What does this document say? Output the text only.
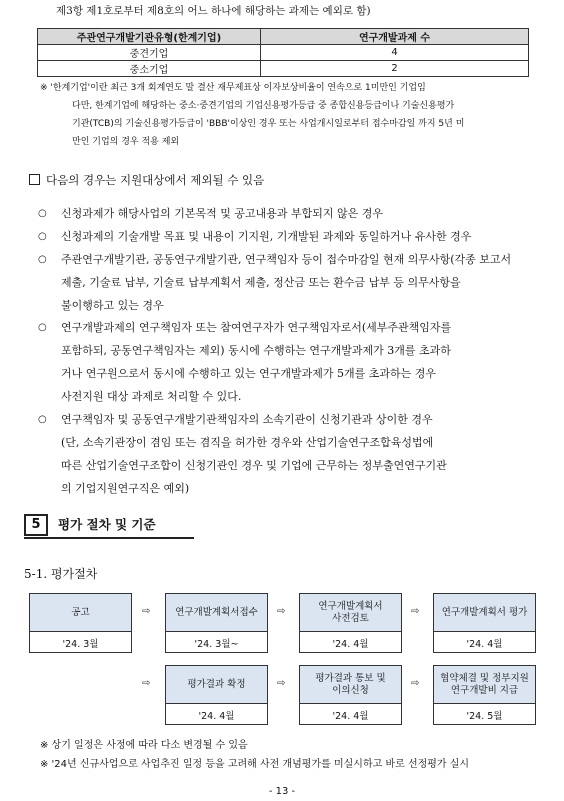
제3항 제1호로부터 제8호의 어느 하나에 해당하는 과제는 예외로 함)
주관연구개발기관유형(한계기업)	연구개발과제 수
중견기업	4
중소기업	2
※ '한계기업'이란 최근 3개 회계연도 말 결산 재무제표상 이자보상비율이 연속으로 1미만인 기업임
다만, 한계기업에 해당하는 중소·중견기업의 기업신용평가등급 중 종합신용등급이나 기술신용평가
기관(TCB)의 기술신용평가등급이 'BBB'이상인 경우 또는 사업개시일로부터 접수마감일 까지 5년 미
만인 기업의 경우 적용 제외
다음의 경우는 지원대상에서 제외될 수 있음
○ 신청과제가 해당사업의 기본목적 및 공고내용과 부합되지 않은 경우
○ 신청과제의 기술개발 목표 및 내용이 기지원, 기개발된 과제와 동일하거나 유사한 경우
○ 주관연구개발기관, 공동연구개발기관, 연구책임자 등이 접수마감일 현재 의무사항(각종 보고서
제출, 기술료 납부, 기술료 납부계획서 제출, 정산금 또는 환수금 납부 등 의무사항을
불이행하고 있는 경우
○ 연구개발과제의 연구책임자 또는 참여연구자가 연구책임자로서(세부주관책임자를
포함하되, 공동연구책임자는 제외) 동시에 수행하는 연구개발과제가 3개를 초과하
거나 연구원으로서 동시에 수행하고 있는 연구개발과제가 5개를 초과하는 경우
사전지원 대상 과제로 처리할 수 있다.
○ 연구책임자 및 공동연구개발기관책임자의 소속기관이 신청기관과 상이한 경우
(단, 소속기관장이 겸임 또는 겸직을 허가한 경우와 산업기술연구조합육성법에
따른 산업기술연구조합이 신청기관인 경우 및 기업에 근무하는 정부출연연구기관
의 기업지원연구직은 예외)
5	평가 절차 및 기준
5-1. 평가절차
공고
'24. 3월
⇨	연구개발계획서접수
'24. 3월~
⇨	연구개발계획서
사전검토
'24. 4월
⇨	연구개발계획서 평가
'24. 4월
⇨	평가결과 확정
'24. 4월
⇨	평가결과 통보 및
이의신청
'24. 4월
⇨	협약체결 및 정부지원
연구개발비 지급
'24. 5월
※ 상기 일정은 사정에 따라 다소 변경될 수 있음
※ '24년 신규사업으로 사업추진 일정 등을 고려해 사전 개념평가를 미실시하고 바로 선정평가 실시
- 13 -
